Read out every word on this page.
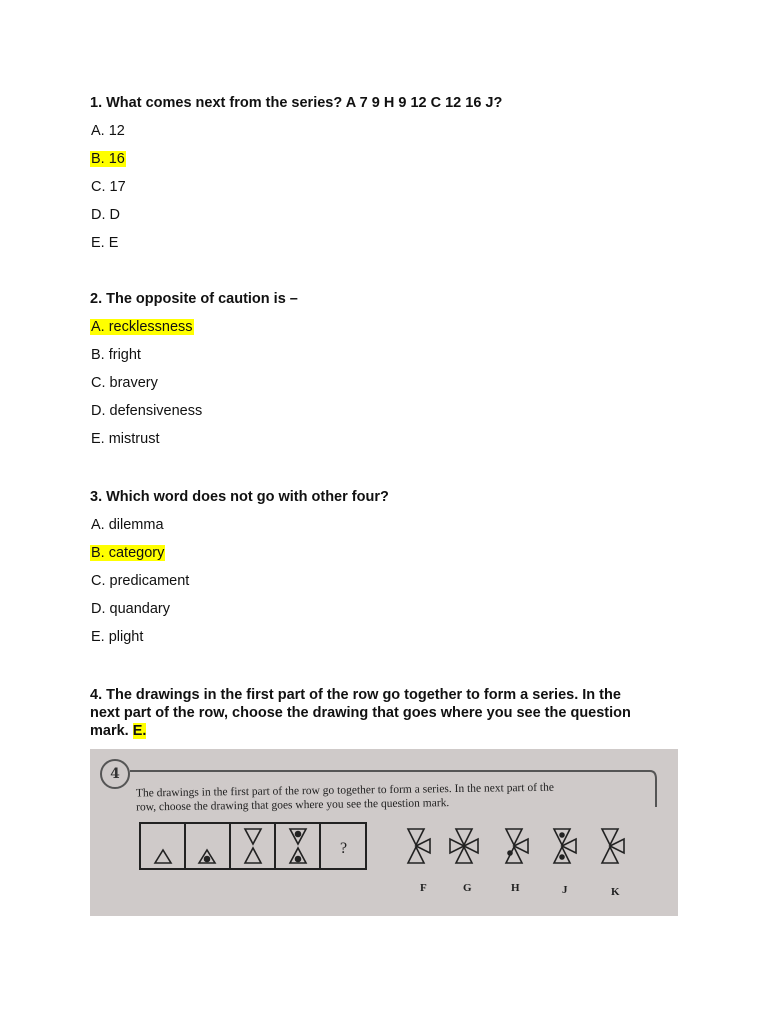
1. What comes next from the series? A 7 9 H 9 12 C 12 16 J?

A. 12
B. 16
C. 17
D. D
E. E

2. The opposite of caution is –

A. recklessness
B. fright
C. bravery
D. defensiveness
E. mistrust

3. Which word does not go with other four?

A. dilemma
B. category
C. predicament
D. quandary
E. plight

4. The drawings in the first part of the row go together to form a series. In the
next part of the row, choose the drawing that goes where you see the question
mark. E.

4
The drawings in the first part of the row go together to form a series. In the next part of the
row, choose the drawing that goes where you see the question mark.
?
F	G	H	J	K
